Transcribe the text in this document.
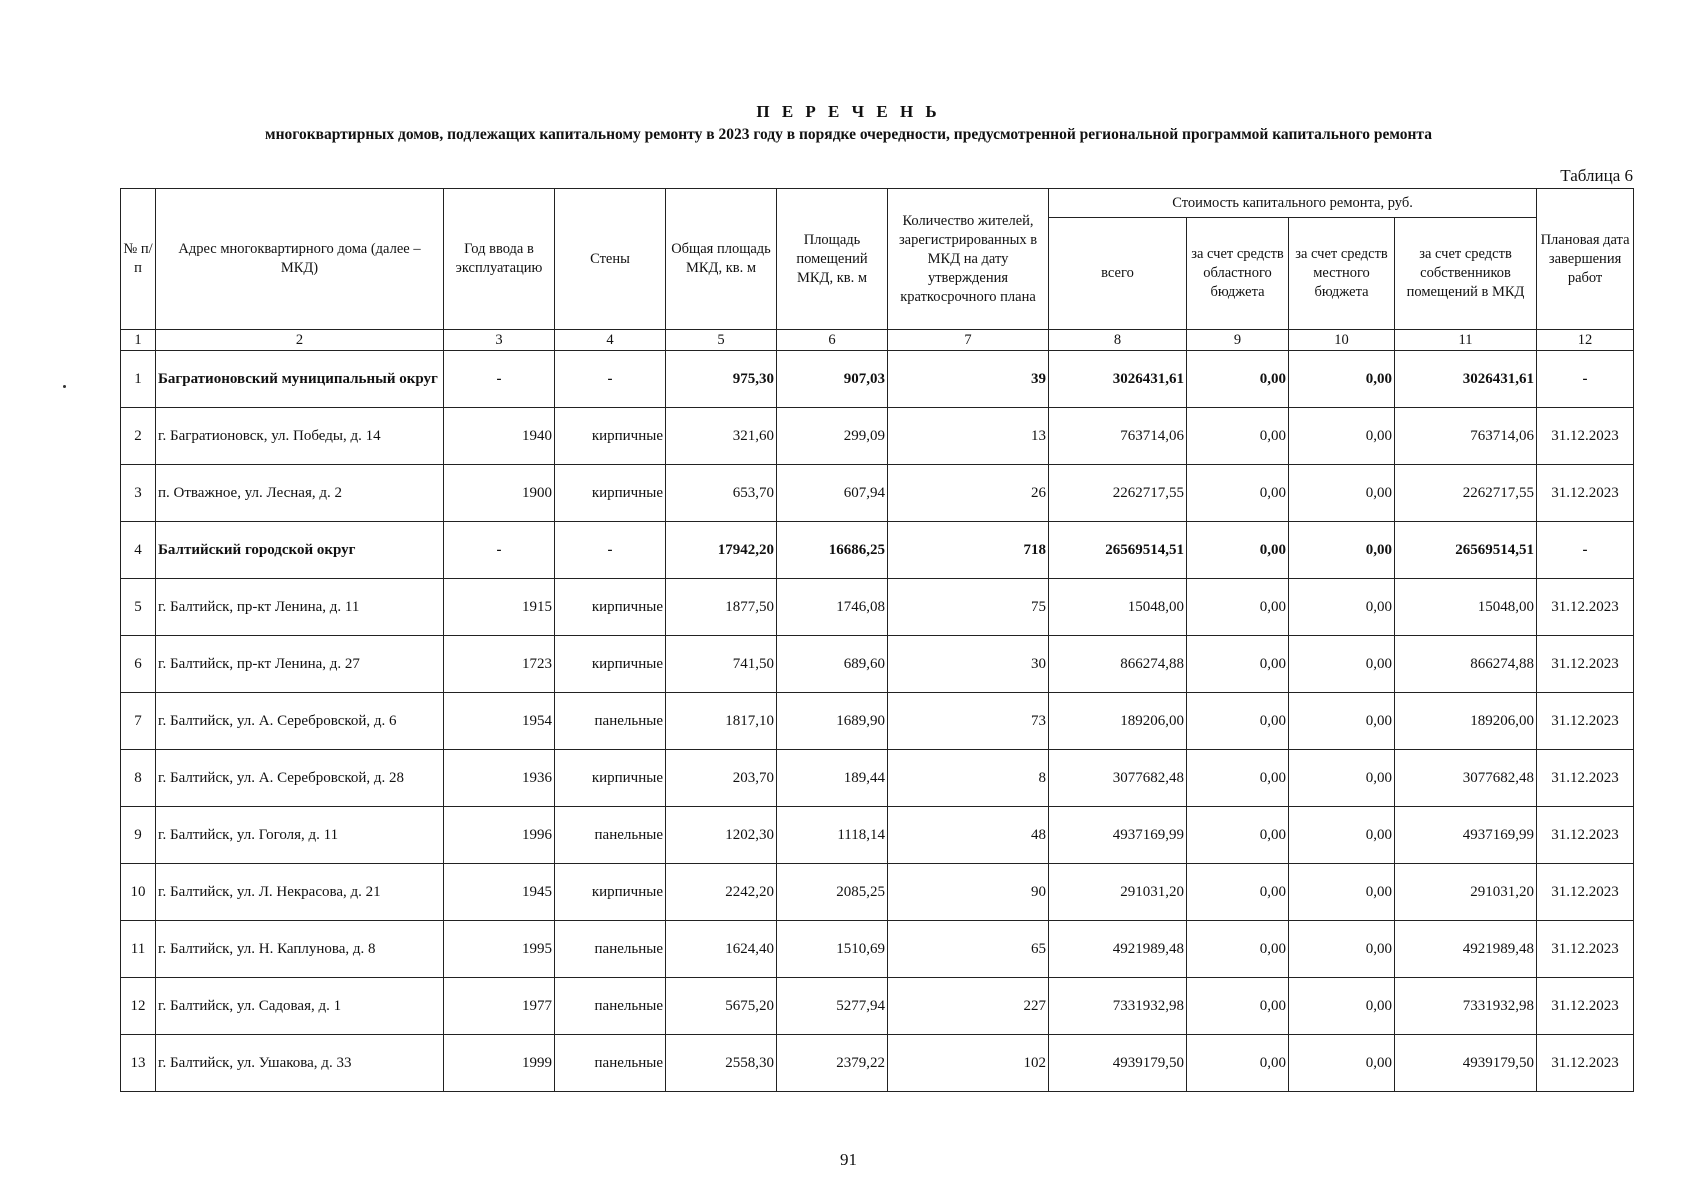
П Е Р Е Ч Е Н Ь
многоквартирных домов, подлежащих капитальному ремонту в 2023 году в порядке очередности, предусмотренной региональной программой капитального ремонта
Таблица 6
№ п/п	Адрес многоквартирного дома (далее – МКД)	Год ввода в эксплуатацию	Стены	Общая площадь МКД, кв. м	Площадь помещений МКД, кв. м	Количество жителей, зарегистрированных в МКД на дату утверждения краткосрочного плана	Стоимость капитального ремонта, руб.				Плановая дата завершения работ
							всего	за счет средств областного бюджета	за счет средств местного бюджета	за счет средств собственников помещений в МКД	
1	2	3	4	5	6	7	8	9	10	11	12
1	Багратионовский муниципальный округ	-	-	975,30	907,03	39	3026431,61	0,00	0,00	3026431,61	-
2	г. Багратионовск, ул. Победы, д. 14	1940	кирпичные	321,60	299,09	13	763714,06	0,00	0,00	763714,06	31.12.2023
3	п. Отважное, ул. Лесная, д. 2	1900	кирпичные	653,70	607,94	26	2262717,55	0,00	0,00	2262717,55	31.12.2023
4	Балтийский городской округ	-	-	17942,20	16686,25	718	26569514,51	0,00	0,00	26569514,51	-
5	г. Балтийск, пр-кт Ленина, д. 11	1915	кирпичные	1877,50	1746,08	75	15048,00	0,00	0,00	15048,00	31.12.2023
6	г. Балтийск, пр-кт Ленина, д. 27	1723	кирпичные	741,50	689,60	30	866274,88	0,00	0,00	866274,88	31.12.2023
7	г. Балтийск, ул. А. Серебровской, д. 6	1954	панельные	1817,10	1689,90	73	189206,00	0,00	0,00	189206,00	31.12.2023
8	г. Балтийск, ул. А. Серебровской, д. 28	1936	кирпичные	203,70	189,44	8	3077682,48	0,00	0,00	3077682,48	31.12.2023
9	г. Балтийск, ул. Гоголя, д. 11	1996	панельные	1202,30	1118,14	48	4937169,99	0,00	0,00	4937169,99	31.12.2023
10	г. Балтийск, ул. Л. Некрасова, д. 21	1945	кирпичные	2242,20	2085,25	90	291031,20	0,00	0,00	291031,20	31.12.2023
11	г. Балтийск, ул. Н. Каплунова, д. 8	1995	панельные	1624,40	1510,69	65	4921989,48	0,00	0,00	4921989,48	31.12.2023
12	г. Балтийск, ул. Садовая, д. 1	1977	панельные	5675,20	5277,94	227	7331932,98	0,00	0,00	7331932,98	31.12.2023
13	г. Балтийск, ул. Ушакова, д. 33	1999	панельные	2558,30	2379,22	102	4939179,50	0,00	0,00	4939179,50	31.12.2023
91
